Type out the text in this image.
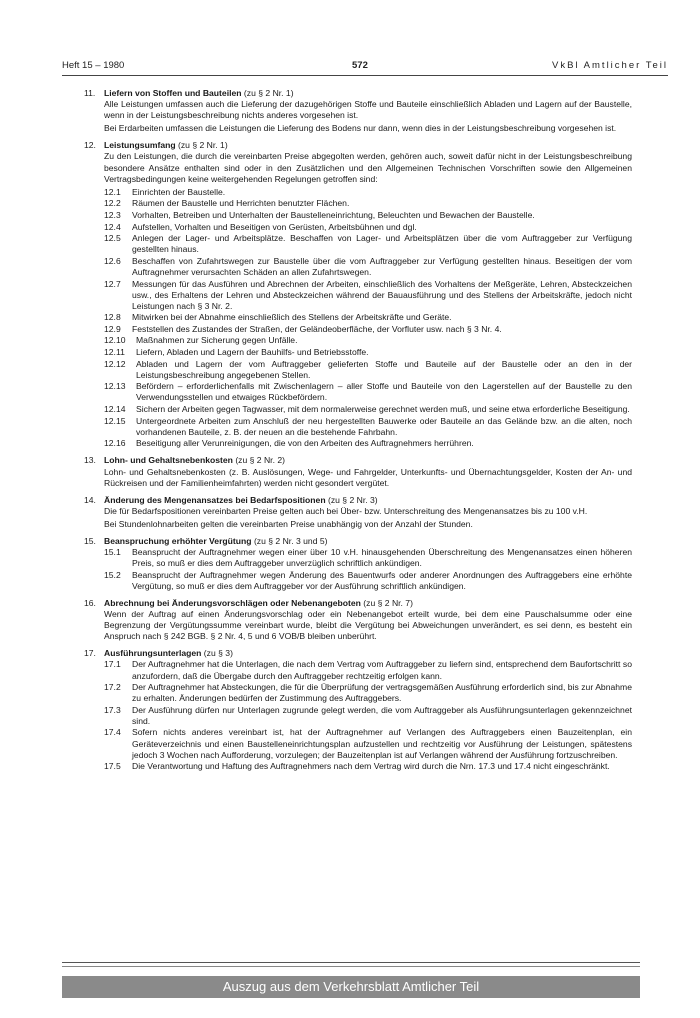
Heft 15 – 1980	572	VkBl Amtlicher Teil
11. Liefern von Stoffen und Bauteilen (zu § 2 Nr. 1)

Alle Leistungen umfassen auch die Lieferung der dazugehörigen Stoffe und Bauteile einschließlich Abladen und Lagern auf der Baustelle, wenn in der Leistungsbeschreibung nichts anderes vorgesehen ist.

Bei Erdarbeiten umfassen die Leistungen die Lieferung des Bodens nur dann, wenn dies in der Leistungsbeschreibung vorgesehen ist.

12. Leistungsumfang (zu § 2 Nr. 1)

Zu den Leistungen, die durch die vereinbarten Preise abgegolten werden, gehören auch, soweit dafür nicht in der Leistungsbeschreibung besondere Ansätze enthalten sind oder in den Zusätzlichen und den Allgemeinen Technischen Vorschriften sowie den Allgemeinen Vertragsbedingungen keine weitergehenden Regelungen getroffen sind:

12.1 Einrichten der Baustelle.
12.2 Räumen der Baustelle und Herrichten benutzter Flächen.
12.3 Vorhalten, Betreiben und Unterhalten der Baustelleneinrichtung, Beleuchten und Bewachen der Baustelle.
12.4 Aufstellen, Vorhalten und Beseitigen von Gerüsten, Arbeitsbühnen und dgl.
12.5 Anlegen der Lager- und Arbeitsplätze. Beschaffen von Lager- und Arbeitsplätzen über die vom Auftraggeber zur Verfügung gestellten hinaus.
12.6 Beschaffen von Zufahrtswegen zur Baustelle über die vom Auftraggeber zur Verfügung gestellten hinaus. Beseitigen der vom Auftragnehmer verursachten Schäden an allen Zufahrtswegen.
12.7 Messungen für das Ausführen und Abrechnen der Arbeiten, einschließlich des Vorhaltens der Meßgeräte, Lehren, Absteckzeichen usw., des Erhaltens der Lehren und Absteckzeichen während der Bauausführung und des Stellens der Arbeitskräfte, jedoch nicht Leistungen nach § 3 Nr. 2.
12.8 Mitwirken bei der Abnahme einschließlich des Stellens der Arbeitskräfte und Geräte.
12.9 Feststellen des Zustandes der Straßen, der Geländeoberfläche, der Vorfluter usw. nach § 3 Nr. 4.
12.10 Maßnahmen zur Sicherung gegen Unfälle.
12.11 Liefern, Abladen und Lagern der Bauhilfs- und Betriebsstoffe.
12.12 Abladen und Lagern der vom Auftraggeber gelieferten Stoffe und Bauteile auf der Baustelle oder an den in der Leistungsbeschreibung angegebenen Stellen.
12.13 Befördern – erforderlichenfalls mit Zwischenlagern – aller Stoffe und Bauteile von den Lagerstellen auf der Baustelle zu den Verwendungsstellen und etwaiges Rückbefördern.
12.14 Sichern der Arbeiten gegen Tagwasser, mit dem normalerweise gerechnet werden muß, und seine etwa erforderliche Beseitigung.
12.15 Untergeordnete Arbeiten zum Anschluß der neu hergestellten Bauwerke oder Bauteile an das Gelände bzw. an die alten, noch vorhandenen Bauteile, z. B. der neuen an die bestehende Fahrbahn.
12.16 Beseitigung aller Verunreinigungen, die von den Arbeiten des Auftragnehmers herrühren.
13. Lohn- und Gehaltsnebenkosten (zu § 2 Nr. 2)

Lohn- und Gehaltsnebenkosten (z. B. Auslösungen, Wege- und Fahrgelder, Unterkunfts- und Übernachtungsgelder, Kosten der An- und Rückreisen und der Familienheimfahrten) werden nicht gesondert vergütet.

14. Änderung des Mengenansatzes bei Bedarfspositionen (zu § 2 Nr. 3)

Die für Bedarfspositionen vereinbarten Preise gelten auch bei Über- bzw. Unterschreitung des Mengenansatzes bis zu 100 v.H.

Bei Stundenlohnarbeiten gelten die vereinbarten Preise unabhängig von der Anzahl der Stunden.

15. Beanspruchung erhöhter Vergütung (zu § 2 Nr. 3 und 5)
15.1 Beansprucht der Auftragnehmer wegen einer über 10 v.H. hinausgehenden Überschreitung des Mengenansatzes einen höheren Preis, so muß er dies dem Auftraggeber unverzüglich schriftlich ankündigen.
15.2 Beansprucht der Auftragnehmer wegen Änderung des Bauentwurfs oder anderer Anordnungen des Auftraggebers eine erhöhte Vergütung, so muß er dies dem Auftraggeber vor der Ausführung schriftlich ankündigen.
16. Abrechnung bei Änderungsvorschlägen oder Nebenangeboten (zu § 2 Nr. 7)

Wenn der Auftrag auf einen Änderungsvorschlag oder ein Nebenangebot erteilt wurde, bei dem eine Pauschalsumme oder eine Begrenzung der Vergütungssumme vereinbart wurde, bleibt die Vergütung bei Abweichungen unverändert, es sei denn, es besteht ein Anspruch nach § 242 BGB. § 2 Nr. 4, 5 und 6 VOB/B bleiben unberührt.

17. Ausführungsunterlagen (zu § 3)
17.1 Der Auftragnehmer hat die Unterlagen, die nach dem Vertrag vom Auftraggeber zu liefern sind, entsprechend dem Baufortschritt so anzufordern, daß die Übergabe durch den Auftraggeber rechtzeitig erfolgen kann.
17.2 Der Auftragnehmer hat Absteckungen, die für die Überprüfung der vertragsgemäßen Ausführung erforderlich sind, bis zur Abnahme zu erhalten. Änderungen bedürfen der Zustimmung des Auftraggebers.
17.3 Der Ausführung dürfen nur Unterlagen zugrunde gelegt werden, die vom Auftraggeber als Ausführungsunterlagen gekennzeichnet sind.
17.4 Sofern nichts anderes vereinbart ist, hat der Auftragnehmer auf Verlangen des Auftraggebers einen Bauzeitenplan, ein Geräteverzeichnis und einen Baustelleneinrichtungsplan aufzustellen und rechtzeitig vor Ausführung der Leistungen, spätestens jedoch 3 Wochen nach Aufforderung, vorzulegen; der Bauzeitenplan ist auf Verlangen während der Ausführung fortzuschreiben.
17.5 Die Verantwortung und Haftung des Auftragnehmers nach dem Vertrag wird durch die Nrn. 17.3 und 17.4 nicht eingeschränkt.
Auszug aus dem Verkehrsblatt Amtlicher Teil
